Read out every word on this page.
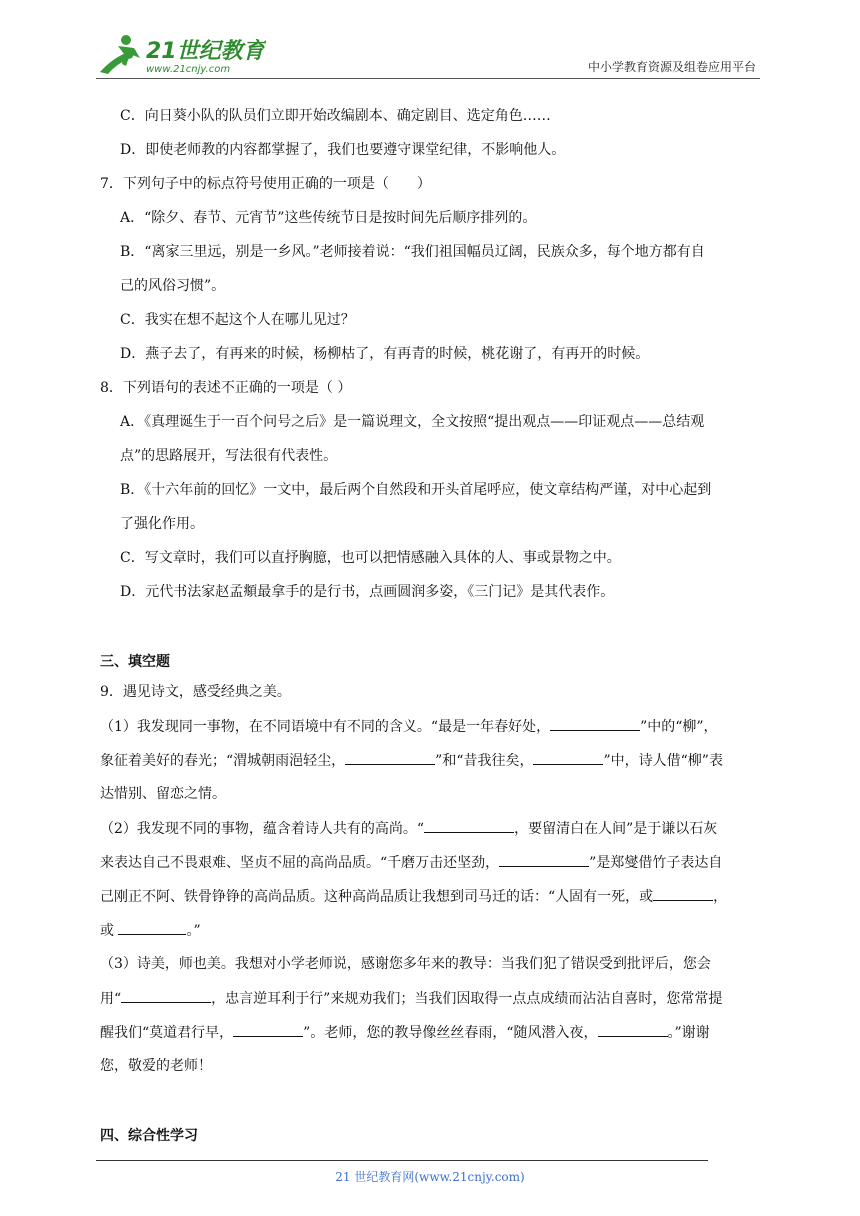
21世纪教育
www.21cnjy.com	中小学教育资源及组卷应用平台
C．向日葵小队的队员们立即开始改编剧本、确定剧目、选定角色……
D．即使老师教的内容都掌握了，我们也要遵守课堂纪律，不影响他人。
7．下列句子中的标点符号使用正确的一项是（　　）
A．“除夕、春节、元宵节”这些传统节日是按时间先后顺序排列的。
B．“离家三里远，别是一乡风。”老师接着说：“我们祖国幅员辽阔，民族众多，每个地方都有自
己的风俗习惯”。
C．我实在想不起这个人在哪儿见过？
D．燕子去了，有再来的时候，杨柳枯了，有再青的时候，桃花谢了，有再开的时候。
8．下列语句的表述不正确的一项是（ ）
A．《真理诞生于一百个问号之后》是一篇说理文，全文按照“提出观点——印证观点——总结观
点”的思路展开，写法很有代表性。
B．《十六年前的回忆》一文中，最后两个自然段和开头首尾呼应，使文章结构严谨，对中心起到
了强化作用。
C．写文章时，我们可以直抒胸臆，也可以把情感融入具体的人、事或景物之中。
D．元代书法家赵孟頫最拿手的是行书，点画圆润多姿，《三门记》是其代表作。
三、填空题
9．遇见诗文，感受经典之美。
（1）我发现同一事物，在不同语境中有不同的含义。“最是一年春好处，	”中的“柳”，
象征着美好的春光；“渭城朝雨浥轻尘，	”和“昔我往矣，	”中，诗人借“柳”表
达惜别、留恋之情。
（2）我发现不同的事物，蕴含着诗人共有的高尚。“	，要留清白在人间”是于谦以石灰
来表达自己不畏艰难、坚贞不屈的高尚品质。“千磨万击还坚劲，	”是郑燮借竹子表达自
己刚正不阿、铁骨铮铮的高尚品质。这种高尚品质让我想到司马迁的话：“人固有一死，或	，
或	。”
（3）诗美，师也美。我想对小学老师说，感谢您多年来的教导：当我们犯了错误受到批评后，您会
用“	，忠言逆耳利于行”来规劝我们；当我们因取得一点点成绩而沾沾自喜时，您常常提
醒我们“莫道君行早，	”。老师，您的教导像丝丝春雨，“随风潜入夜，	。”谢谢
您，敬爱的老师！
四、综合性学习
21 世纪教育网(www.21cnjy.com)
